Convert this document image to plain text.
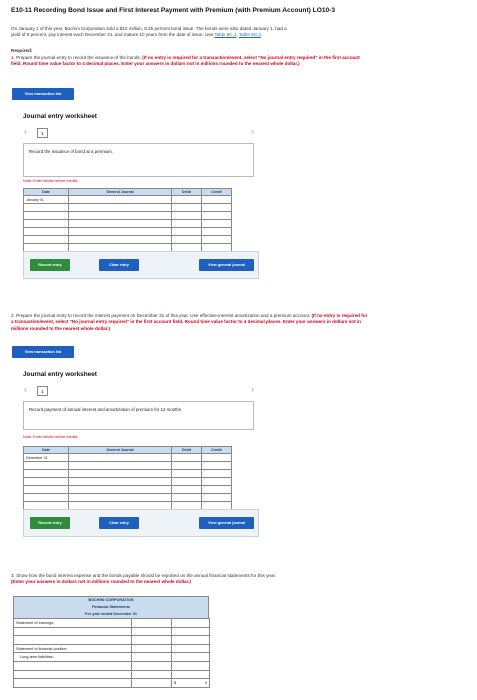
E10-11 Recording Bond Issue and First Interest Payment with Premium (with Premium Account) LO10-3
On January 1 of this year, Bochini Corporation sold a $10 million, 8.25 percent bond issue. The bonds were also dated January 1, had a
yield of 8 percent, pay interest each December 31, and mature 10 years from the date of issue. Use Table 9C.1, Table 9C.2.
Required:
1. Prepare the journal entry to record the issuance of the bonds. (If no entry is required for a transaction/event, select "No journal entry required" in the first account field. Round time value factor to 4 decimal places. Enter your answers in dollars not in millions rounded to the nearest whole dollar.)
View transaction list
Journal entry worksheet
‹	1	›
Record the issuance of bond at a premium.
Note: Enter debits before credits.
Date	General Journal	Debit	Credit
January 01			

Record entry	Clear entry	View general journal
2. Prepare the journal entry to record the interest payment on December 31 of this year. Use effective-interest amortization and a premium account. (If no entry is required for a transaction/event, select "No journal entry required" in the first account field. Round time value factor to 4 decimal places. Enter your answers in dollars not in millions rounded to the nearest whole dollar.)
View transaction list
Journal entry worksheet
‹	1	›
Record payment of annual interest and amortization of premium for 12 months
Note: Enter debits before credits.
Date	General Journal	Debit	Credit
December 31			

Record entry	Clear entry	View general journal
3. Show how the bond interest expense and the bonds payable should be reported on the annual financial statements for this year.
(Enter your answers in dollars not in millions rounded to the nearest whole dollar.)
BOCHINI CORPORATION
Financial Statements
For year ended December 31
Statement of earnings:		

Statement of financial position		
Long-term liabilities:		

		$ 0
